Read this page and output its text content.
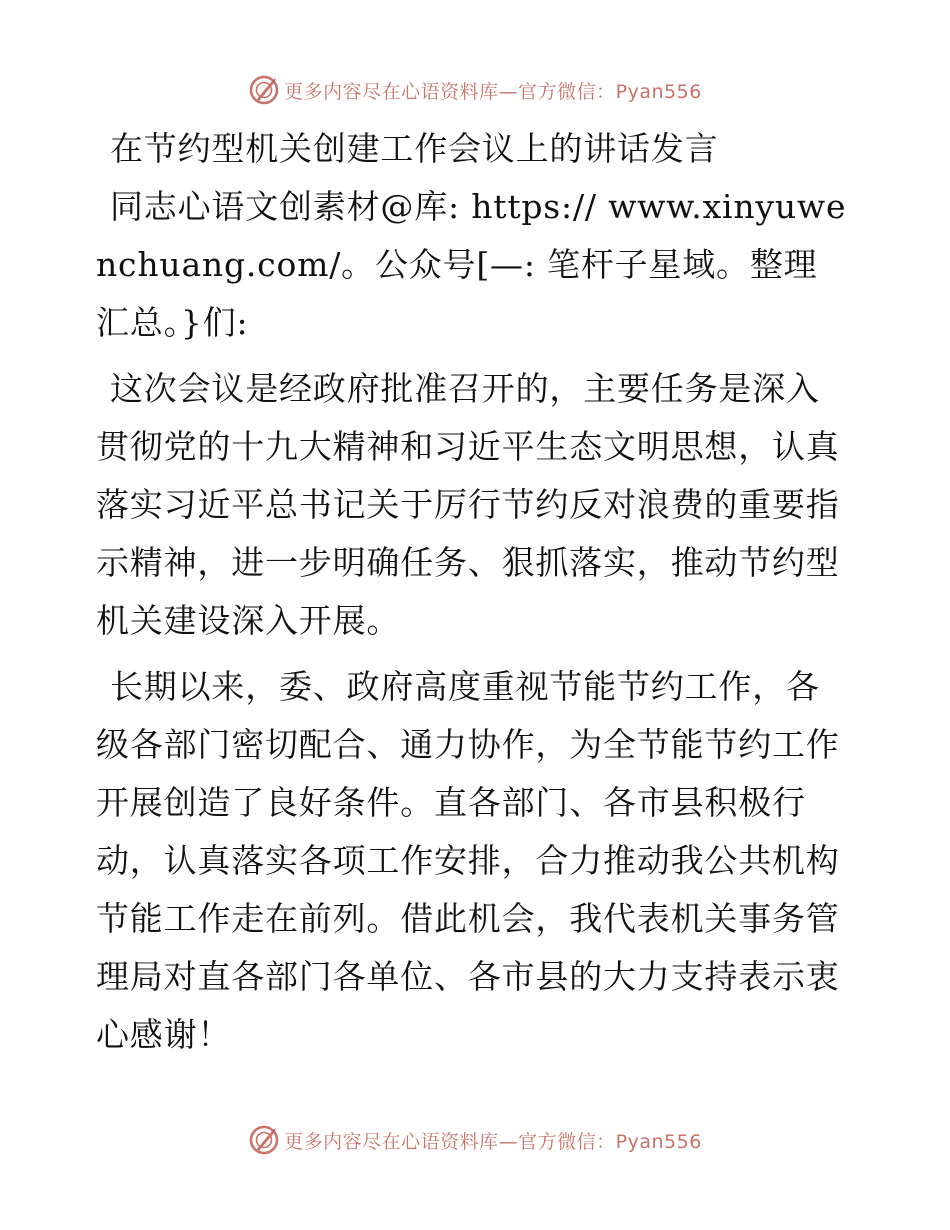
更多内容尽在心语资料库—官方微信：Pyan556

在节约型机关创建工作会议上的讲话发言

同志心语文创素材@库: https:// www.xinyuwenchuang.com/。公众号[—: 笔杆子星域。整理汇总。}们:

这次会议是经政府批准召开的，主要任务是深入贯彻党的十九大精神和习近平生态文明思想，认真落实习近平总书记关于厉行节约反对浪费的重要指示精神，进一步明确任务、狠抓落实，推动节约型机关建设深入开展。

长期以来，委、政府高度重视节能节约工作，各级各部门密切配合、通力协作，为全节能节约工作开展创造了良好条件。直各部门、各市县积极行动，认真落实各项工作安排，合力推动我公共机构节能工作走在前列。借此机会，我代表机关事务管理局对直各部门各单位、各市县的大力支持表示衷心感谢！

更多内容尽在心语资料库—官方微信：Pyan556
